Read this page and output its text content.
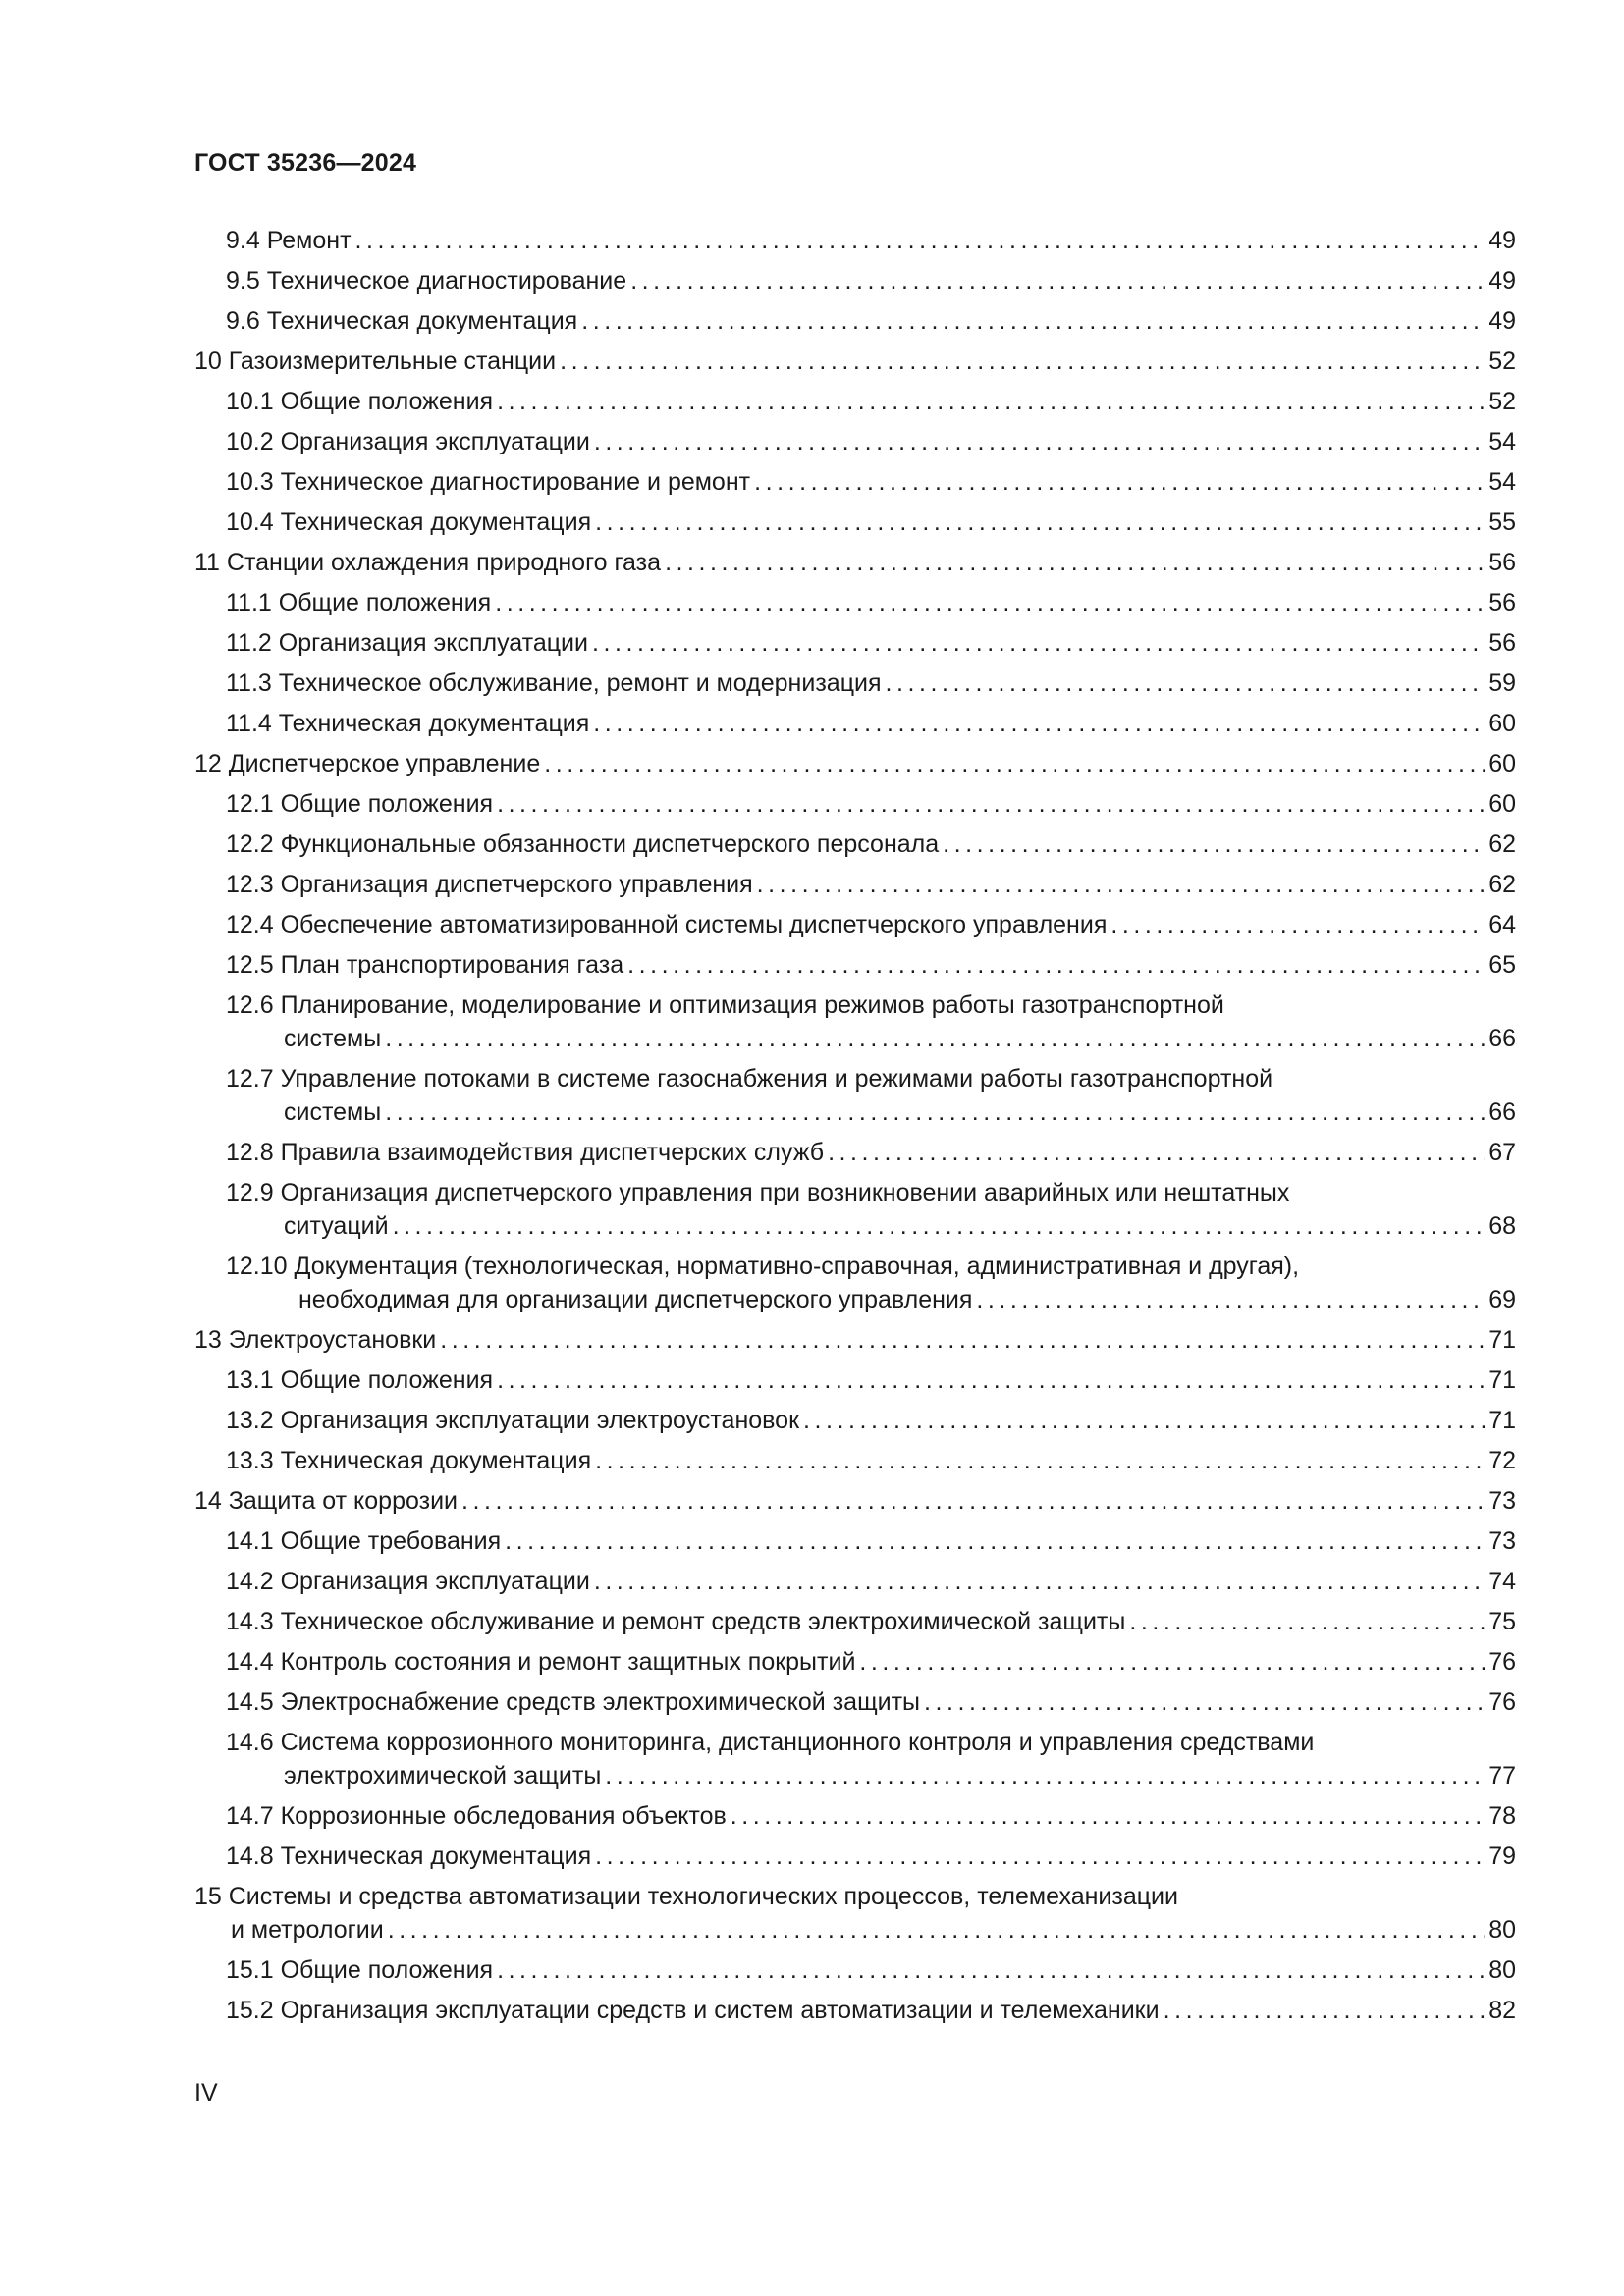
ГОСТ 35236—2024
9.4 Ремонт . . .	49
9.5 Техническое диагностирование . . .	49
9.6 Техническая документация . . .	49
10 Газоизмерительные станции . . .	52
10.1 Общие положения . . .	52
10.2 Организация эксплуатации . . .	54
10.3 Техническое диагностирование и ремонт . . .	54
10.4 Техническая документация . . .	55
11 Станции охлаждения природного газа . . .	56
11.1 Общие положения . . .	56
11.2 Организация эксплуатации . . .	56
11.3 Техническое обслуживание, ремонт и модернизация . . .	59
11.4 Техническая документация . . .	60
12 Диспетчерское управление . . .	60
12.1 Общие положения . . .	60
12.2 Функциональные обязанности диспетчерского персонала . . .	62
12.3 Организация диспетчерского управления . . .	62
12.4 Обеспечение автоматизированной системы диспетчерского управления . . .	64
12.5 План транспортирования газа . . .	65
12.6 Планирование, моделирование и оптимизация режимов работы газотранспортной
системы . . .	66
12.7 Управление потоками в системе газоснабжения и режимами работы газотранспортной
системы . . .	66
12.8 Правила взаимодействия диспетчерских служб . . .	67
12.9 Организация диспетчерского управления при возникновении аварийных или нештатных
ситуаций . . .	68
12.10 Документация (технологическая, нормативно-справочная, административная и другая),
необходимая для организации диспетчерского управления . . .	69
13 Электроустановки . . .	71
13.1 Общие положения . . .	71
13.2 Организация эксплуатации электроустановок . . .	71
13.3 Техническая документация . . .	72
14 Защита от коррозии . . .	73
14.1 Общие требования . . .	73
14.2 Организация эксплуатации . . .	74
14.3 Техническое обслуживание и ремонт средств электрохимической защиты . . .	75
14.4 Контроль состояния и ремонт защитных покрытий . . .	76
14.5 Электроснабжение средств электрохимической защиты . . .	76
14.6 Система коррозионного мониторинга, дистанционного контроля и управления средствами
электрохимической защиты . . .	77
14.7 Коррозионные обследования объектов . . .	78
14.8 Техническая документация . . .	79
15 Системы и средства автоматизации технологических процессов, телемеханизации
и метрологии . . .	80
15.1 Общие положения . . .	80
15.2 Организация эксплуатации средств и систем автоматизации и телемеханики . . .	82
IV
